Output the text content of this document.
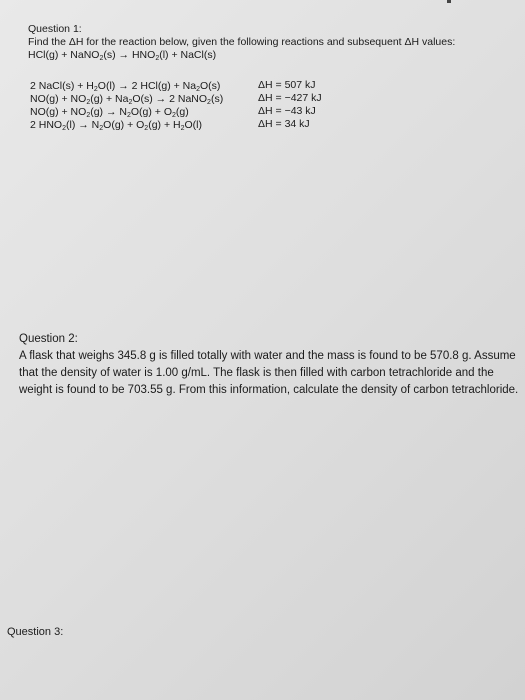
Question 1:
Find the ΔH for the reaction below, given the following reactions and subsequent ΔH values:
HCl(g) + NaNO$_2$(s) → $HNO_2(l)$ + NaCl(s)
2 NaCl(s) + $H_2O(l) \to 2$ $HCl(g) + Na_2O(s)$	ΔH = 507 kJ
$NO(g) + NO_2(g) + Na_2O(s) \to 2$ NaNO$_2$(s)	ΔH = −427 kJ
$NO(g) + NO_2(g) \to N_2O(g) + O_2(g)$	ΔH = −43 kJ
2 $HNO_2(l) \to N_2O(g) + O_2(g) + H_2O(l)$	ΔH = 34 kJ
Question 2:
A flask that weighs 345.8 g is filled totally with water and the mass is found to be 570.8 g. Assume that the density of water is 1.00 g/mL. The flask is then filled with carbon tetrachloride and the weight is found to be 703.55 g. From this information, calculate the density of carbon tetrachloride.
Question 3:
